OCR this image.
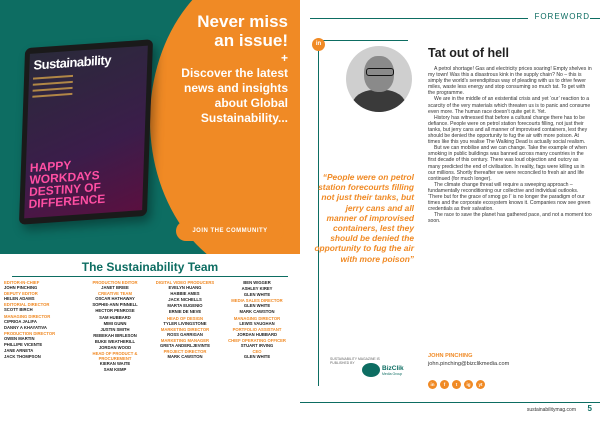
Sustainability
HAPPY WORKDAYS DESTINY OF DIFFERENCE
Never miss an issue!
+
Discover the latest news and insights about Global Sustainability...
JOIN THE COMMUNITY
The Sustainability Team
EDITOR-IN-CHIEF
JOHN PINCHING
DEPUTY EDITOR
HELEN ADAMS
EDITORIAL DIRECTOR
SCOTT BIRCH
MANAGING DIRECTOR
CIPRIOA JALIFA
DANNY A KHAYATIVA
PRODUCTION DIRECTOR
OWEN MARTIN
PHILLIPE VICENTE
JANE ARNETA
JACK THOMPSON
PRODUCTION EDITOR
JANET BRIEE
CREATIVE TEAM
OSCAR HATHAWAY
SOPHIE-ANN PINNELL
HECTOR PENROSE
SAM HUBBARD
MIMI GUNN
JUSTIN SMITH
REBEKAH BIRLESON
BUKE WEATHERILL
JORDAN WOOD
HEAD OF PRODUCT & PROCUREMENT
KIERAN WAITE
SAM KEMP
DIGITAL VIDEO PRODUCERS
EVELYN HUANG
HABBIE AMES
JACK NICHELLS
MARTA EUGENIO
ERNIE DE NEVE
HEAD OF DESIGN
TYLER LIVINGSTONE
MARKETING DIRECTOR
ROSS GARRIGAN
MARKETING MANAGER
GRETA ANDERLJEVINTE
PROJECT DIRECTOR
MARK CAWSTON
BEN WIGGER
ASHLEY KIREY
GLEN WHITE
MEDIA SALES DIRECTOR
GLEN WHITE
MARK CAWSTON
MANAGING DIRECTOR
LEWIS VAUGHAN
PORTFOLIO ASSISTANT
JORDAN HUBBARD
CHIEF OPERATING OFFICER
STUART IRVING
CEO
GLEN WHITE
FOREWORD
in
“People were on petrol station forecourts filling not just their tanks, but jerry cans and all manner of improvised containers, lest they should be denied the opportunity to fug the air with more poison”
Tat out of hell

A petrol shortage! Gas and electricity prices soaring! Empty shelves in my town! Was this a disastrous kink in the supply chain? No – this is simply the world’s serendipitous way of pleading with us to drive fewer miles, waste less energy and stop consuming so much tat. To get with the programme.

We are in the middle of an existential crisis and yet ‘our’ reaction to a scarcity of the very materials which threaten us is to panic and consume even more. The human race doesn’t quite get it. Yet.

History has witnessed that before a cultural change there has to be defiance. People were on petrol station forecourts filling, not just their tanks, but jerry cans and all manner of improvised containers, lest they should be denied the opportunity to fug the air with more poison. At times like this you realise The Walking Dead is actually social realism.

But we can mobilise and we can change. Take the example of when smoking in public buildings was banned across many countries in the first decade of this century. There was loud objection and outcry as many predicted the end of civilisation. In reality, fags were killing us in our millions. Shortly thereafter we were reconciled to fresh air and life continued (for much longer).

The climate change threat will require a sweeping approach – fundamentally reconditioning our collective and individual outlooks. ‘There but for the grace of smog go I’ is no longer the paradigm of our times and the corporate ecosystem knows it. Companies now see green credentials as their salvation.

The race to save the planet has gathered pace, and not a moment too soon.

SUSTAINABILITY MAGAZINE IS PUBLISHED BY
BizClik
Media Group
JOHN PINCHING
john.pinching@bizclikmedia.com
in	f	t	ig	yt
sustainabilitymag.com 5
